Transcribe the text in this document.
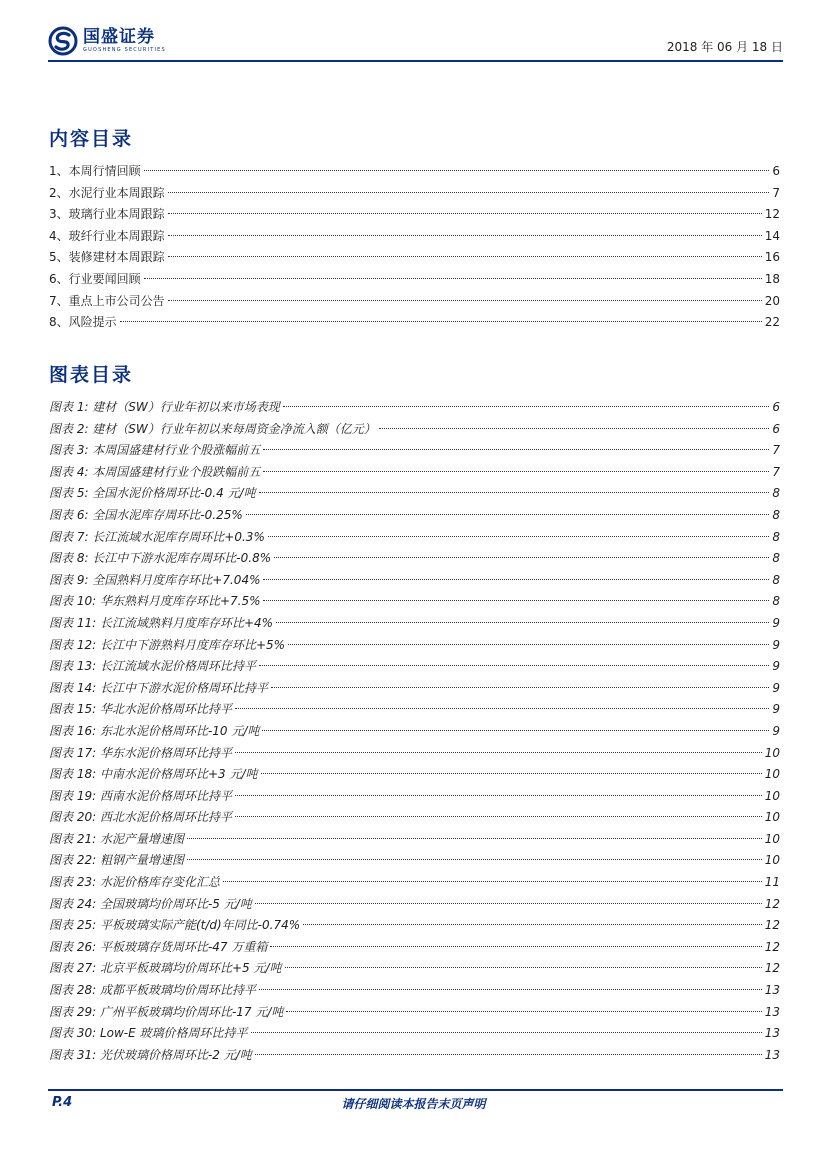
国盛证券
GUOSHENG SECURITIES	2018 年 06 月 18 日
内容目录
1、本周行情回顾	6
2、水泥行业本周跟踪	7
3、玻璃行业本周跟踪	12
4、玻纤行业本周跟踪	14
5、装修建材本周跟踪	16
6、行业要闻回顾	18
7、重点上市公司公告	20
8、风险提示	22
图表目录
图表 1: 建材（SW）行业年初以来市场表现	6
图表 2: 建材（SW）行业年初以来每周资金净流入额（亿元）	6
图表 3: 本周国盛建材行业个股涨幅前五	7
图表 4: 本周国盛建材行业个股跌幅前五	7
图表 5: 全国水泥价格周环比-0.4 元/吨	8
图表 6: 全国水泥库存周环比-0.25%	8
图表 7: 长江流域水泥库存周环比+0.3%	8
图表 8: 长江中下游水泥库存周环比-0.8%	8
图表 9: 全国熟料月度库存环比+7.04%	8
图表 10: 华东熟料月度库存环比+7.5%	8
图表 11: 长江流域熟料月度库存环比+4%	9
图表 12: 长江中下游熟料月度库存环比+5%	9
图表 13: 长江流域水泥价格周环比持平	9
图表 14: 长江中下游水泥价格周环比持平	9
图表 15: 华北水泥价格周环比持平	9
图表 16: 东北水泥价格周环比-10 元/吨	9
图表 17: 华东水泥价格周环比持平	10
图表 18: 中南水泥价格周环比+3 元/吨	10
图表 19: 西南水泥价格周环比持平	10
图表 20: 西北水泥价格周环比持平	10
图表 21: 水泥产量增速图	10
图表 22: 粗钢产量增速图	10
图表 23: 水泥价格库存变化汇总	11
图表 24: 全国玻璃均价周环比-5 元/吨	12
图表 25: 平板玻璃实际产能(t/d)年同比-0.74%	12
图表 26: 平板玻璃存货周环比-47 万重箱	12
图表 27: 北京平板玻璃均价周环比+5 元/吨	12
图表 28: 成都平板玻璃均价周环比持平	13
图表 29: 广州平板玻璃均价周环比-17 元/吨	13
图表 30: Low-E 玻璃价格周环比持平	13
图表 31: 光伏玻璃价格周环比-2 元/吨	13
P.4	请仔细阅读本报告末页声明
